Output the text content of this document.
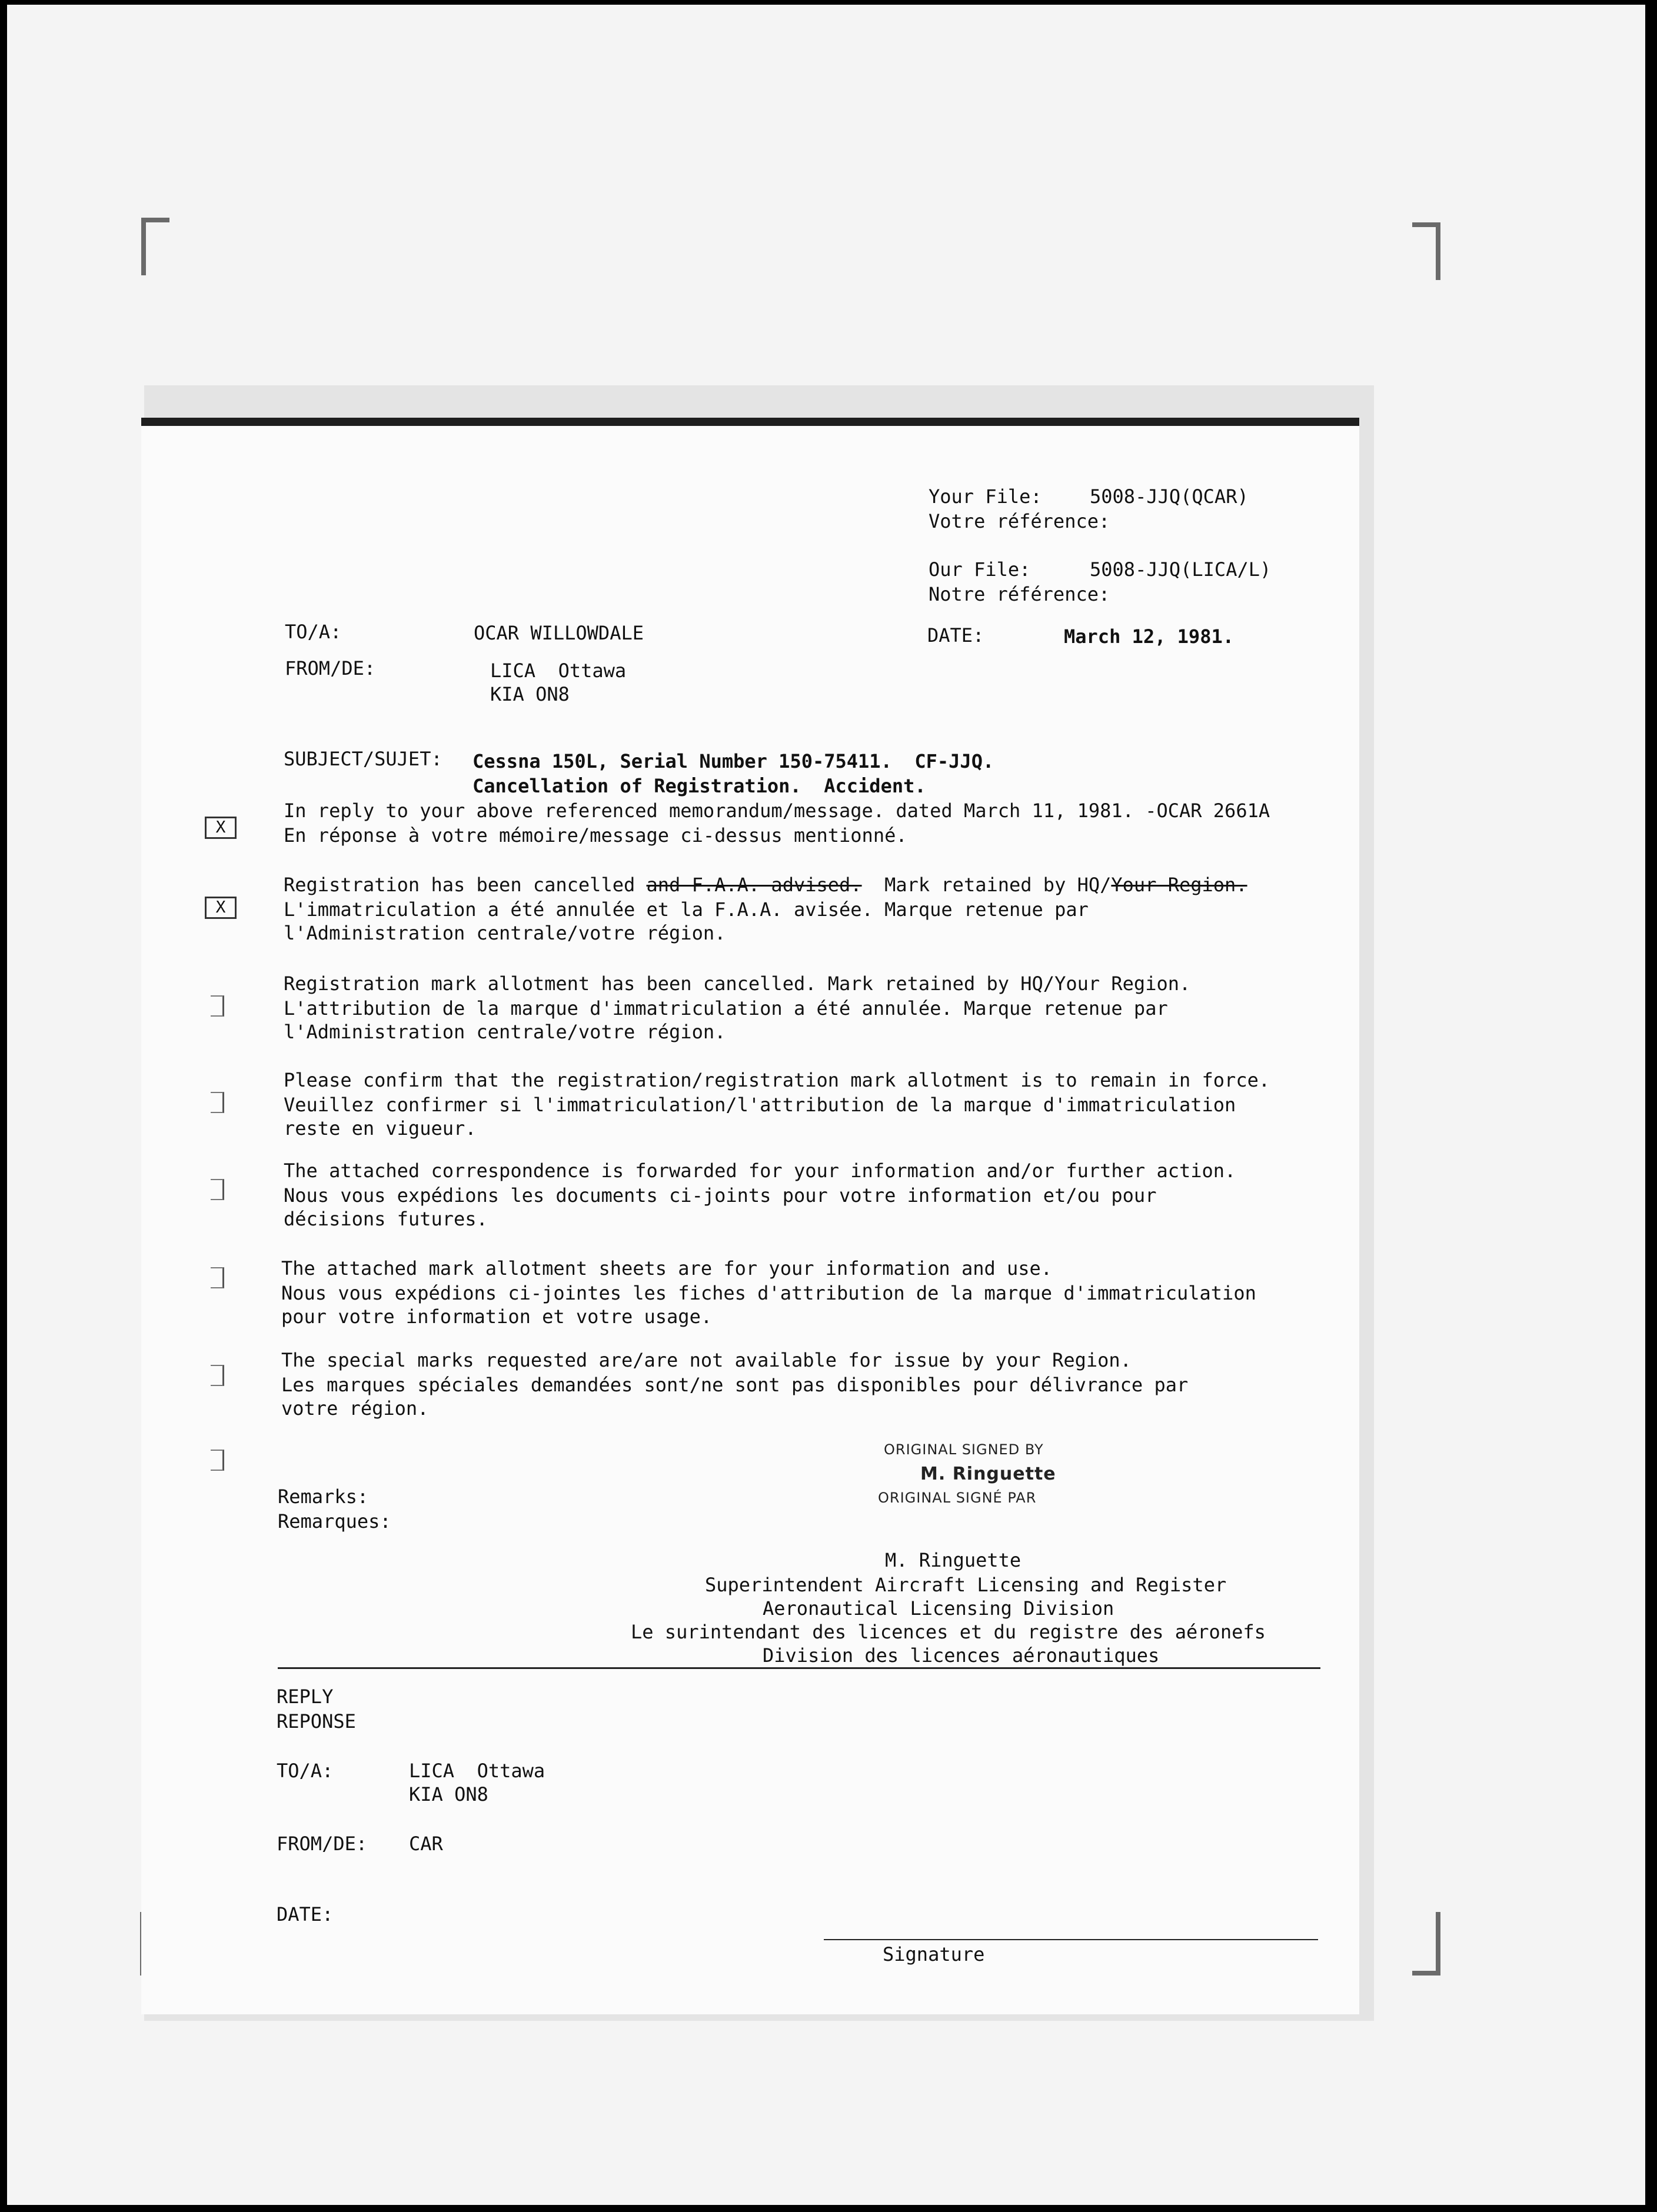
Your File:	5008-JJQ(QCAR)
Votre référence:
Our File:	5008-JJQ(LICA/L)
Notre référence:
TO/A:	OCAR WILLOWDALE	DATE:	March 12, 1981.
FROM/DE:	LICA  Ottawa
KIA ON8
SUBJECT/SUJET: Cessna 150L, Serial Number 150-75411.  CF-JJQ.
Cancellation of Registration.  Accident.
X
In reply to your above referenced memorandum/message. dated March 11, 1981. -OCAR 2661A
En réponse à votre mémoire/message ci-dessus mentionné.
X
Registration has been cancelled and F.A.A. advised.  Mark retained by HQ/Your Region.
L'immatriculation a été annulée et la F.A.A. avisée. Marque retenue par
l'Administration centrale/votre région.
Registration mark allotment has been cancelled. Mark retained by HQ/Your Region.
L'attribution de la marque d'immatriculation a été annulée. Marque retenue par
l'Administration centrale/votre région.
Please confirm that the registration/registration mark allotment is to remain in force.
Veuillez confirmer si l'immatriculation/l'attribution de la marque d'immatriculation
reste en vigueur.
The attached correspondence is forwarded for your information and/or further action.
Nous vous expédions les documents ci-joints pour votre information et/ou pour
décisions futures.
The attached mark allotment sheets are for your information and use.
Nous vous expédions ci-jointes les fiches d'attribution de la marque d'immatriculation
pour votre information et votre usage.
The special marks requested are/are not available for issue by your Region.
Les marques spéciales demandées sont/ne sont pas disponibles pour délivrance par
votre région.
ORIGINAL SIGNED BY
M. Ringuette
ORIGINAL SIGNÉ PAR
Remarks:
Remarques:
M. Ringuette
Superintendent Aircraft Licensing and Register
Aeronautical Licensing Division
Le surintendant des licences et du registre des aéronefs
Division des licences aéronautiques
REPLY
REPONSE
TO/A:	LICA  Ottawa
KIA ON8
FROM/DE: CAR
DATE:
Signature
